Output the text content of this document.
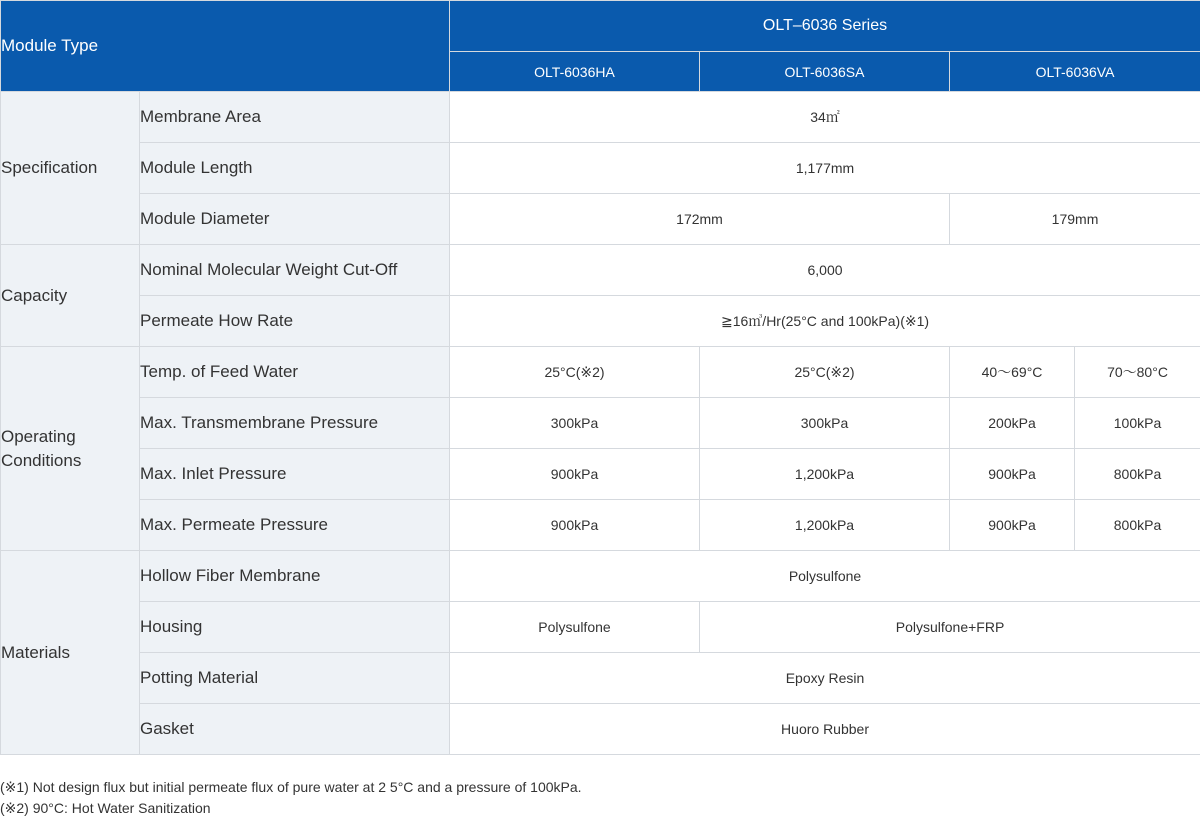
Module Type		OLT–6036 Series			
		OLT-6036HA	OLT-6036SA	OLT-6036VA	
Specification	Membrane Area	34㎡			
	Module Length	1,177mm			
	Module Diameter	172mm		179mm	
Capacity	Nominal Molecular Weight Cut-Off	6,000			
	Permeate How Rate	≧16㎥/Hr(25°C and 100kPa)(※1)			
Operating
Conditions	Temp. of Feed Water	25°C(※2)	25°C(※2)	40〜69°C	70〜80°C
	Max. Transmembrane Pressure	300kPa	300kPa	200kPa	100kPa
	Max. Inlet Pressure	900kPa	1,200kPa	900kPa	800kPa
	Max. Permeate Pressure	900kPa	1,200kPa	900kPa	800kPa
Materials	Hollow Fiber Membrane	Polysulfone			
	Housing	Polysulfone	Polysulfone+FRP		
	Potting Material	Epoxy Resin			
	Gasket	Huoro Rubber			
(※1) Not design flux but initial permeate flux of pure water at 2 5°C and a pressure of 100kPa.
(※2) 90°C: Hot Water Sanitization
